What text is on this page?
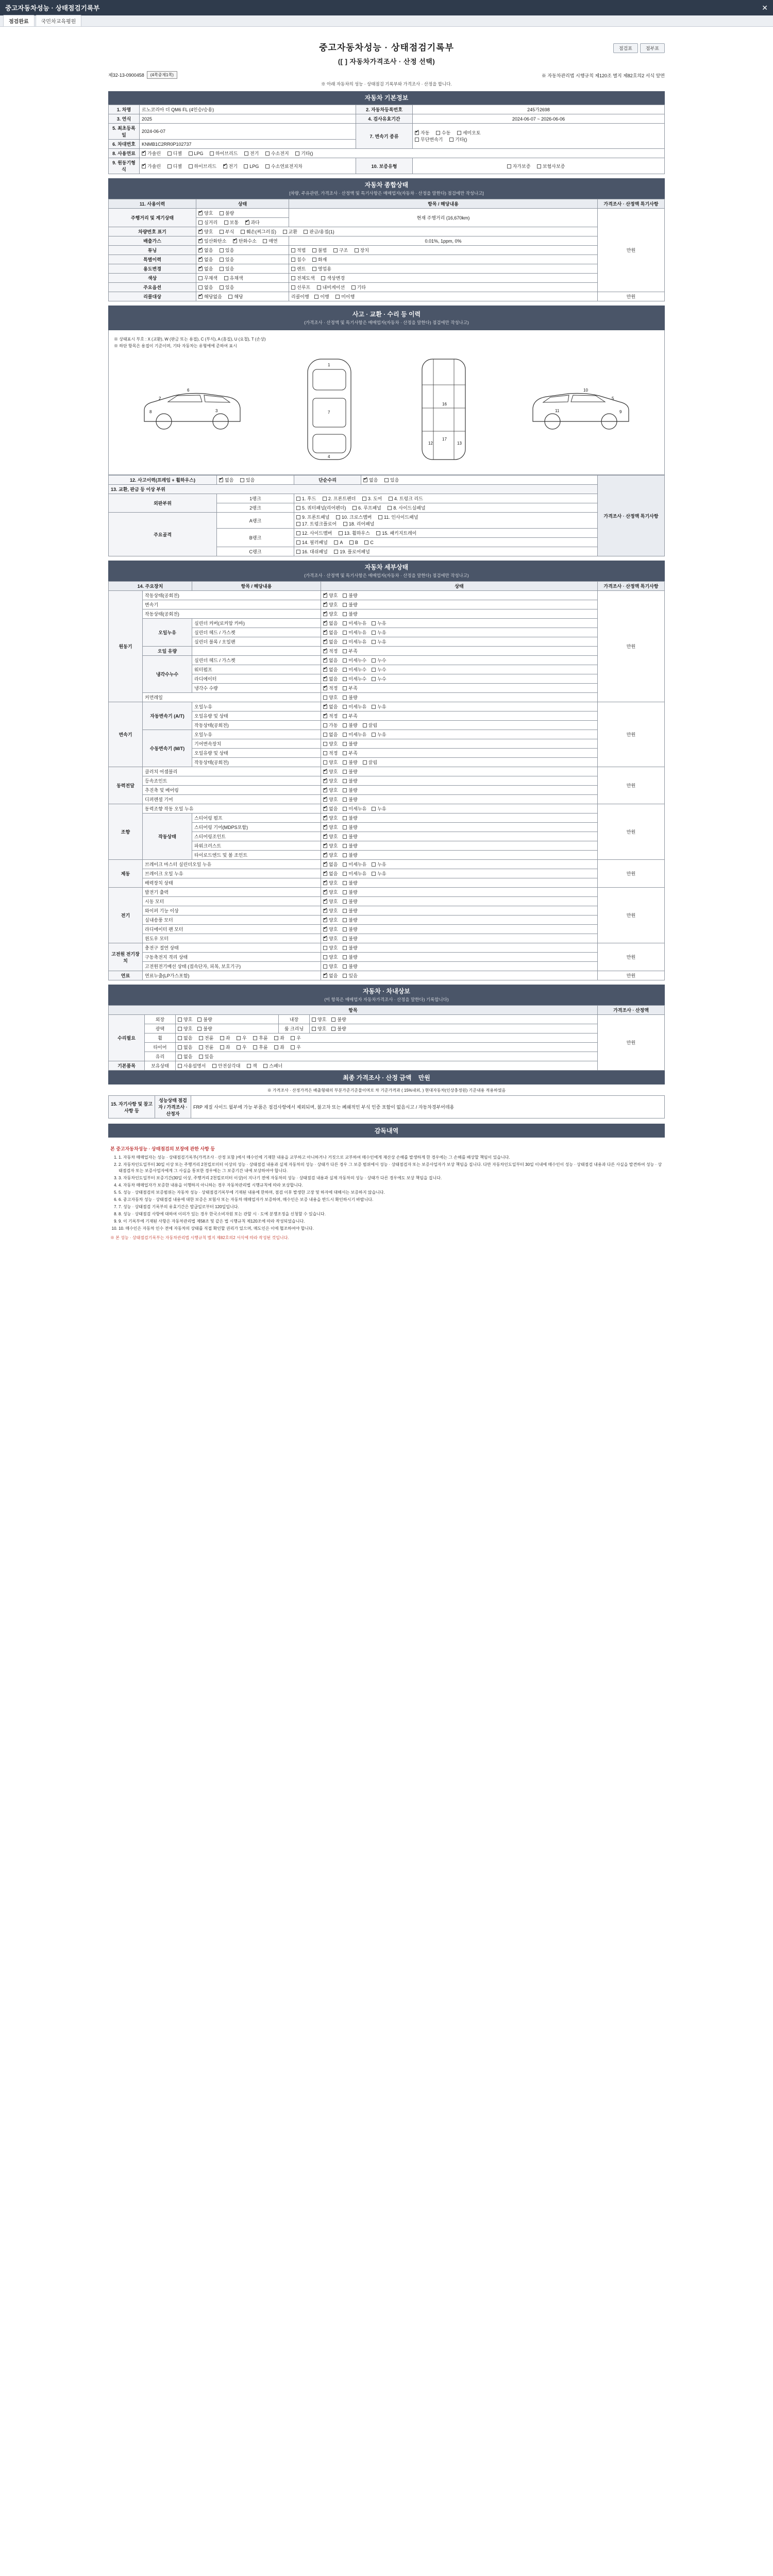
중고자동차성능 · 상태점검기록부	✕
점검완료	국민차교육평원
점검표	점부표
중고자동차성능 · 상태점검기록부
([ ] 자동차가격조사 · 산정 선택)
제32-13-0900458	(4쪽중제1쪽)	※ 자동차관리법 시행규칙 제120조 별지 제82호의2 서식 앞면
※ 아래 자동차의 성능 · 상태점검 기록부와 가격조사 · 산정을 합니다.
자동차 기본정보
1. 차명	르노코리아 더 QM6 FL (4인승/승용)	2. 자동차등록번호	245가2698
3. 연식	2025	4. 검사유효기간	2024-06-07 ~ 2026-06-06
5. 최초등록일	2024-06-07	7. 변속기 종류	✔자동 수동 세미오토
무단변속기 기타()
6. 차대번호	KNMB1C2RR0P102737		
8. 사용연료	✔가솔린 디젤 LPG 하이브리드 전기 수소전지 기타()
9. 원동기형식	✔가솔린 디젤 하이브리드 ✔ 전기 LPG 수소연료전지차	10. 보증유형	자가보증 보험사보증
자동차 종합상태
[차량, 주유관련, 가격조사 · 산정액 및 특기사항은 매매업자(자동차 · 산정을 말한다) 점검에만 작성나고]
11. 사용이력	상태	항목 / 해당내용	가격조사 · 산정액 특기사항
주행거리 및 계기상태	✔양호 불량	현재 주행거리 (16,670km)	만원
	실거리 보통 ✔ 과다
차량번호 표기	✔양호 부식 훼손(찌그러짐) 교환 판금/용접(1)
배출가스	✔일산화탄소 ✔ 탄화수소 매연	0.01%, 1ppm, 0%	
튜닝	✔없음 있음	적법 불법 구조 장치	
특별이력	✔없음 있음	침수 화재	
용도변경	✔없음 있음	렌트 영업용	
색상	무채색 유채색	전체도색 색상변경	
주요옵션	없음 있음	선루프 내비게이션 기타	
리콜대상	✔해당없음 해당	리콜이행 이행 미이행	만원
사고 · 교환 · 수리 등 이력
(가격조사 · 산정액 및 특기사항은 매매업자(자동차 · 산정을 말한다) 점검에만 작성나고)
※ 상태표시 부호 : X (교환), W (판금 또는 용접), C (부식), A (흠집), U (요철), T (손상)
※ 하단 항목은 용접이 기준이며, 기타 자동차는 유형에에 준하여 표시
2
8
6
3
1
7
4
16
17
12	13
5
9
10
11
12. 사고이력(프레임 + 휠하우스)	✔없음 있음	단순수리	✔없음 있음	가격조사 · 산정액 특기사항
13. 교환, 판금 등 이상 부위				
외판부위	1랭크	1. 후드 2. 프론트펜더 3. 도어 4. 트렁크 리드		
	2랭크	5. 쿼터패널(리어펜더) 6. 루프패널 8. 사이드실패널		
주요골격	A랭크	9. 프론트패널 10. 크로스멤버 11. 인사이드패널
17. 트렁크플로어 18. 리어패널		
	B랭크	12. 사이드멤버 13. 휠하우스 15. 패키지트레이		
		14. 필러패널 A B C		
	C랭크	16. 대쉬패널 19. 플로어패널		
자동차 세부상태
(가격조사 · 산정액 및 특기사항은 매매업자(자동차 · 산정을 말한다) 점검에만 작성나고)
14. 주요장치		항목 / 해당내용	상태	가격조사 · 산정액 특기사항
원동기	작동상태(공회전)	✔양호 불량	만원
	변속기	✔양호 불량
	작동상태(공회전)	✔양호 불량
	오일누유	실린더 커버(로커암 카바)	✔없음 미세누유 누유
		실린더 헤드 / 가스켓	✔없음 미세누유 누유
		실린더 블록 / 오일팬	✔없음 미세누유 누유
	오일 유량		✔적정 부족
	냉각수누수	실린더 헤드 / 가스켓	✔없음 미세누수 누수
		워터펌프	✔없음 미세누수 누수
		라디에이터	✔없음 미세누수 누수
		냉각수 수량	✔적정 부족
	커먼레일		양호 불량	
변속기	자동변속기 (A/T)	오일누유	✔없음 미세누유 누유	만원
		오일유량 및 상태	✔적정 부족
		작동상태(공회전)	가동 불량 끌림	
	수동변속기 (M/T)	오일누유	없음 미세누유 누유	
		기어변속장치	양호 불량	
		오일유량 및 상태	적정 부족	
		작동상태(공회전)	양호 불량 끌림	
동력전달	클러치 어셈블리	✔양호 불량	만원
	등속조인트	✔양호 불량
	추진축 및 베어링	✔양호 불량
	디퍼렌셜 기어	✔양호 불량
조향	동력조향 작동 오일 누유	✔없음 미세누유 누유	만원
	작동상태	스티어링 펌프	✔양호 불량
		스티어링 기어(MDPS포함)	✔양호 불량
		스티어링조인트	✔양호 불량
		파워크러스트	✔양호 불량
		타이로드엔드 및 볼 조인트	✔양호 불량
제동	브레이크 마스터 실린더오일 누유	✔없음 미세누유 누유	만원
	브레이크 오일 누유	✔없음 미세누유 누유
	배력장치 상태	✔양호 불량
전기	발전기 출력	✔양호 불량	만원
	시동 모터	✔양호 불량
	와이퍼 기능 이상	✔양호 불량
	실내송풍 모터	✔양호 불량
	라디에이터 팬 모터	✔양호 불량
	윈도우 모터	✔양호 불량
고전원 전기장치	충전구 절연 상태		양호 불량	만원
	구동축전지 격리 상태		양호 불량	
	고전원전기배선 상태 (접속단자, 피복, 보호기구)		양호 불량	
연료	연료누출(LP가스포함)	✔없음 있음	만원
자동차 · 차내상보
(이 항목은 매매업자 자동차가격조사 · 산정을 말한다) 기록합니다)
항목					가격조사 · 산정액
수리필요	외장	양호 불량	내장	양호 불량	만원
	광택	양호 불량	룸 크리닝	양호 불량	
	휠	없음 전륜 좌 우 후륜 좌 우			
	타이어	없음 전륜 좌 우 후륜 좌 우			
	유리	없음 있음			
기본품목	보유상태	사용설명서 안전삼각대 잭 스패너			
최종 가격조사 · 산정 금액 만원
※ 가격조사 · 산정가격은 배출형태의 부분가준기준물이며로 차 기준가격과 ( 15%내외, ) 현대자동차(인상충정원) 기준내용 적용하였음
15. 자기사항 및 참고사항 등	성능상태 점검자 / 가격조사 · 산정자	FRP 재질 사이드 월부에 가능 부품은 점검사항에서 제외되며, 불고차 또는 폐쇄적인 부식 인증 포함이 없음시고 / 자동차경부어데용
감독내역
본 중고자동차성능 · 상태점검의 보장에 관한 사항 등
1. 1. 자동차 매매업자는 성능 · 상태점검기록부(가격조사 · 산정 포함 )에서 매수인에 기재한 내용을 교부하고 아니하거나 거짓으로 교부하여 매수인에게 재산상 손해를 발생하게 한 경우에는 그 손해를 배상할 책임이 있습니다.
2. 2. 자동차인도일부터 30일 이상 또는 주행거리 2천킬로미터 이상의 성능 · 상태점검 내용과 실제 자동차의 성능 · 상태가 다른 경우 그 보증 범위에서 성능 · 상태점검자 또는 보증사업자가 보상 책임을 집니다. 다만 자동차인도일부터 30일 이내에 매수인이 성능 · 상태점검 내용과 다른 사실을 발견하여 성능 · 상태점검자 또는 보증사업자에게 그 사실을 통보한 경우에는 그 보증기간 내에 보상하여야 합니다.
3. 3. 자동차인도일부터 보증기간(30일 이상, 주행거리 2천킬로미터 이상)이 지나기 전에 자동차의 성능 · 상태점검 내용과 실제 자동차의 성능 · 상태가 다른 경우에도 보상 책임을 집니다.
4. 4. 자동차 매매업자가 보증한 내용을 이행하지 아니하는 경우 자동차관리법 시행규칙에 따라 보상합니다.
5. 5. 성능 · 상태점검의 보증범위는 자동차 성능 · 상태점검기록부에 기재된 내용에 한하며, 점검 이후 발생한 고장 및 하자에 대해서는 보증하지 않습니다.
6. 6. 중고자동차 성능 · 상태점검 내용에 대한 보증은 보험사 또는 자동차 매매업자가 보증하며, 매수인은 보증 내용을 반드시 확인하시기 바랍니다.
7. 7. 성능 · 상태점검 기록부의 유효기간은 발급일로부터 120일입니다.
8. 8. 성능 · 상태점검 사항에 대하여 이의가 있는 경우 한국소비자원 또는 관할 시 · 도에 분쟁조정을 신청할 수 있습니다.
9. 9. 이 기록부에 기재된 사항은 자동차관리법 제58조 및 같은 법 시행규칙 제120조에 따라 작성되었습니다.
10. 10. 매수인은 자동차 인수 전에 자동차의 상태를 직접 확인할 권리가 있으며, 매도인은 이에 협조하여야 합니다.
※ 본 성능 · 상태점검기록부는 자동차관리법 시행규칙 별지 제82호의2 서식에 따라 작성된 것입니다.
